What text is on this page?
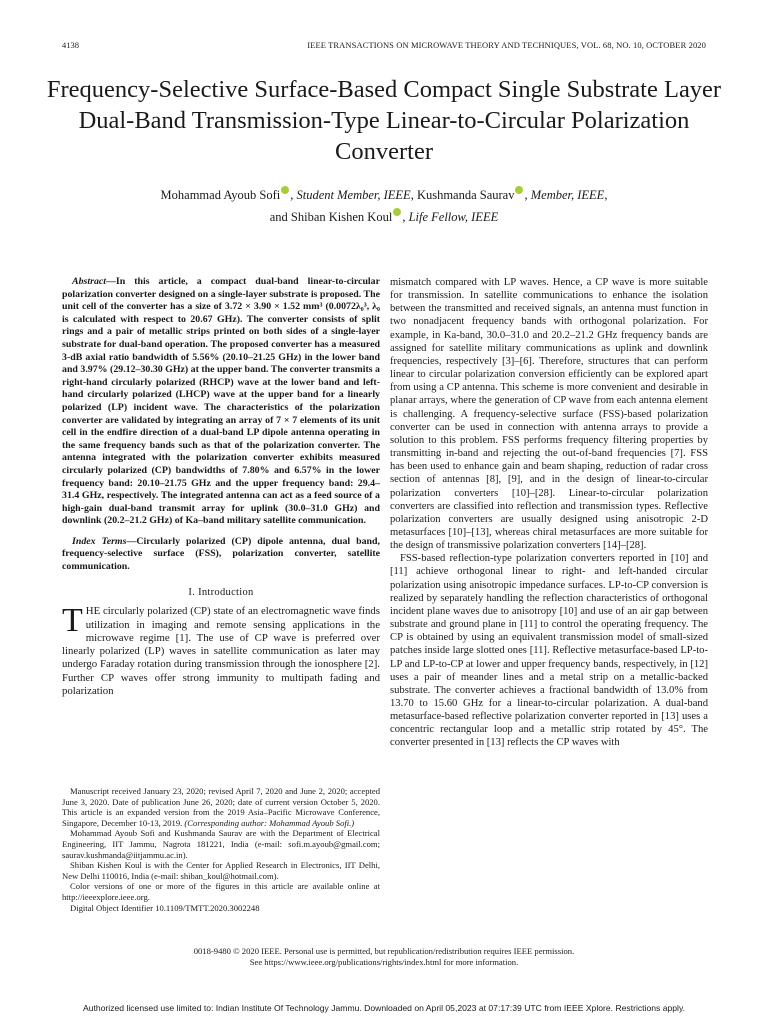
4138	IEEE TRANSACTIONS ON MICROWAVE THEORY AND TECHNIQUES, VOL. 68, NO. 10, OCTOBER 2020
Frequency-Selective Surface-Based Compact Single Substrate Layer Dual-Band Transmission-Type Linear-to-Circular Polarization Converter
Mohammad Ayoub Sofi , Student Member, IEEE, Kushmanda Saurav , Member, IEEE,
and Shiban Kishen Koul , Life Fellow, IEEE

Abstract—In this article, a compact dual-band linear-to-circular polarization converter designed on a single-layer substrate is proposed. The unit cell of the converter has a size of 3.72 × 3.90 × 1.52 mm³ (0.0072λ₀³, λ₀ is calculated with respect to 20.67 GHz). The converter consists of split rings and a pair of metallic strips printed on both sides of a single-layer substrate for dual-band operation. The proposed converter has a measured 3-dB axial ratio bandwidth of 5.56% (20.10–21.25 GHz) in the lower band and 3.97% (29.12–30.30 GHz) at the upper band. The converter transmits a right-hand circularly polarized (RHCP) wave at the lower band and left-hand circularly polarized (LHCP) wave at the upper band for a linearly polarized (LP) incident wave. The characteristics of the polarization converter are validated by integrating an array of 7 × 7 elements of its unit cell in the endfire direction of a dual-band LP dipole antenna operating in the same frequency bands such as that of the polarization converter. The antenna integrated with the polarization converter exhibits measured circularly polarized (CP) bandwidths of 7.80% and 6.57% in the lower frequency band: 20.10–21.75 GHz and the upper frequency band: 29.4–31.4 GHz, respectively. The integrated antenna can act as a feed source of a high-gain dual-band transmit array for uplink (30.0–31.0 GHz) and downlink (20.2–21.2 GHz) of Ka–band military satellite communication.

Index Terms—Circularly polarized (CP) dipole antenna, dual band, frequency-selective surface (FSS), polarization converter, satellite communication.

I. Introduction

THE circularly polarized (CP) state of an electromagnetic wave finds utilization in imaging and remote sensing applications in the microwave regime [1]. The use of CP wave is preferred over linearly polarized (LP) waves in satellite communication as later may undergo Faraday rotation during transmission through the ionosphere [2]. Further CP waves offer strong immunity to multipath fading and polarization

Manuscript received January 23, 2020; revised April 7, 2020 and June 2, 2020; accepted June 3, 2020. Date of publication June 26, 2020; date of current version October 5, 2020. This article is an expanded version from the 2019 Asia–Pacific Microwave Conference, Singapore, December 10-13, 2019. (Corresponding author: Mohammad Ayoub Sofi.)

Mohammad Ayoub Sofi and Kushmanda Saurav are with the Department of Electrical Engineering, IIT Jammu, Nagrota 181221, India (e-mail: sofi.m.ayoub@gmail.com; saurav.kushmanda@iitjammu.ac.in).

Shiban Kishen Koul is with the Center for Applied Research in Electronics, IIT Delhi, New Delhi 110016, India (e-mail: shiban_koul@hotmail.com).

Color versions of one or more of the figures in this article are available online at http://ieeexplore.ieee.org.

Digital Object Identifier 10.1109/TMTT.2020.3002248

mismatch compared with LP waves. Hence, a CP wave is more suitable for transmission. In satellite communications to enhance the isolation between the transmitted and received signals, an antenna must function in two nonadjacent frequency bands with orthogonal polarization. For example, in Ka-band, 30.0–31.0 and 20.2–21.2 GHz frequency bands are assigned for satellite military communications as uplink and downlink frequencies, respectively [3]–[6]. Therefore, structures that can perform linear to circular polarization conversion efficiently can be explored apart from using a CP antenna. This scheme is more convenient and desirable in planar arrays, where the generation of CP wave from each antenna element is challenging. A frequency-selective surface (FSS)-based polarization converter can be used in connection with antenna arrays to provide a solution to this problem. FSS performs frequency filtering properties by transmitting in-band and rejecting the out-of-band frequencies [7]. FSS has been used to enhance gain and beam shaping, reduction of radar cross section of antennas [8], [9], and in the design of linear-to-circular polarization converters [10]–[28]. Linear-to-circular polarization converters are classified into reflection and transmission types. Reflective polarization converters are usually designed using anisotropic 2-D metasurfaces [10]–[13], whereas chiral metasurfaces are more suitable for the design of transmissive polarization converters [14]–[28].

FSS-based reflection-type polarization converters reported in [10] and [11] achieve orthogonal linear to right- and left-handed circular polarization using anisotropic impedance surfaces. LP-to-CP conversion is realized by separately handling the reflection characteristics of orthogonal incident plane waves due to anisotropy [10] and use of an air gap between substrate and ground plane in [11] to control the operating frequency. The CP is obtained by using an equivalent transmission model of small-sized patches inside large slotted ones [11]. Reflective metasurface-based LP-to-LP and LP-to-CP at lower and upper frequency bands, respectively, in [12] uses a pair of meander lines and a metal strip on a metallic-backed substrate. The converter achieves a fractional bandwidth of 13.0% from 13.70 to 15.60 GHz for a linear-to-circular polarization. A dual-band metasurface-based reflective polarization converter reported in [13] uses a concentric rectangular loop and a metallic strip rotated by 45°. The converter presented in [13] reflects the CP waves with

0018-9480 © 2020 IEEE. Personal use is permitted, but republication/redistribution requires IEEE permission.
See https://www.ieee.org/publications/rights/index.html for more information.
Authorized licensed use limited to: Indian Institute Of Technology Jammu. Downloaded on April 05,2023 at 07:17:39 UTC from IEEE Xplore. Restrictions apply.
